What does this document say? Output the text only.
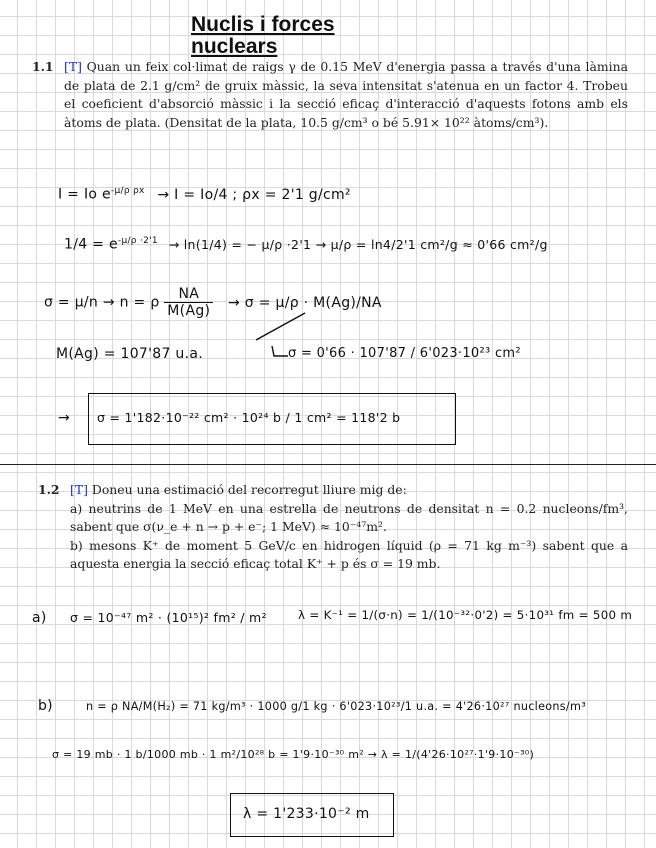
Nuclis i forces nuclears
1.1 [T] Quan un feix col·limat de raigs γ de 0.15 MeV d'energia passa a través d'una làmina de plata de 2.1 g/cm² de gruix màssic, la seva intensitat s'atenua en un factor 4. Trobeu el coeficient d'absorció màssic i la secció eficaç d'interacció d'aquests fotons amb els àtoms de plata. (Densitat de la plata, 10.5 g/cm³ o bé 5.91× 10²² àtoms/cm³).
I = Io $e^{-\mu/\rho \rho x} \to I = Io/4$ ; ρx = 2'1 g/cm²
$1/4 = e^{-\mu/\rho \cdot 2'1} \to \ln(1/4)$ = − μ/ρ ·2'1 → μ/ρ = ln4/2'1 cm²/g ≈ 0'66 cm²/g
σ = μ/n → n = ρ $\frac{NA}{M(Ag)} \to \sigma = \mu/\rho \cdot M(Ag)/NA$
M(Ag) = 107'87 u.a.	σ = 0'66 · 107'87 / 6'023·10²³ cm²
→ σ = 1'182·10⁻²² cm² · 10²⁴ b / 1 cm² = 118'2 b
1.2 [T] Doneu una estimació del recorregut lliure mig de:
a) neutrins de 1 MeV en una estrella de neutrons de densitat n = 0.2 nucleons/fm³, sabent que σ(ν_e + n → p + e⁻; 1 MeV) ≈ 10⁻⁴⁷m².
b) mesons K⁺ de moment 5 GeV/c en hidrogen líquid (ρ = 71 kg m⁻³) sabent que a aquesta energia la secció eficaç total K⁺ + p és σ = 19 mb.
a) σ = 10⁻⁴⁷ m² · (10¹⁵)² fm² / m²	λ = K⁻¹ = 1/(σ·n) = 1/(10⁻³²·0'2) = 5·10³¹ fm = 500 m
b)	n = ρ NA/M(H₂) = 71 kg/m³ · 1000 g/1 kg · 6'023·10²³/1 u.a. = 4'26·10²⁷ nucleons/m³
σ = 19 mb · 1 b/1000 mb · 1 m²/10²⁸ b = 1'9·10⁻³⁰ m² → λ = 1/(4'26·10²⁷·1'9·10⁻³⁰)
λ = 1'233·10⁻² m
